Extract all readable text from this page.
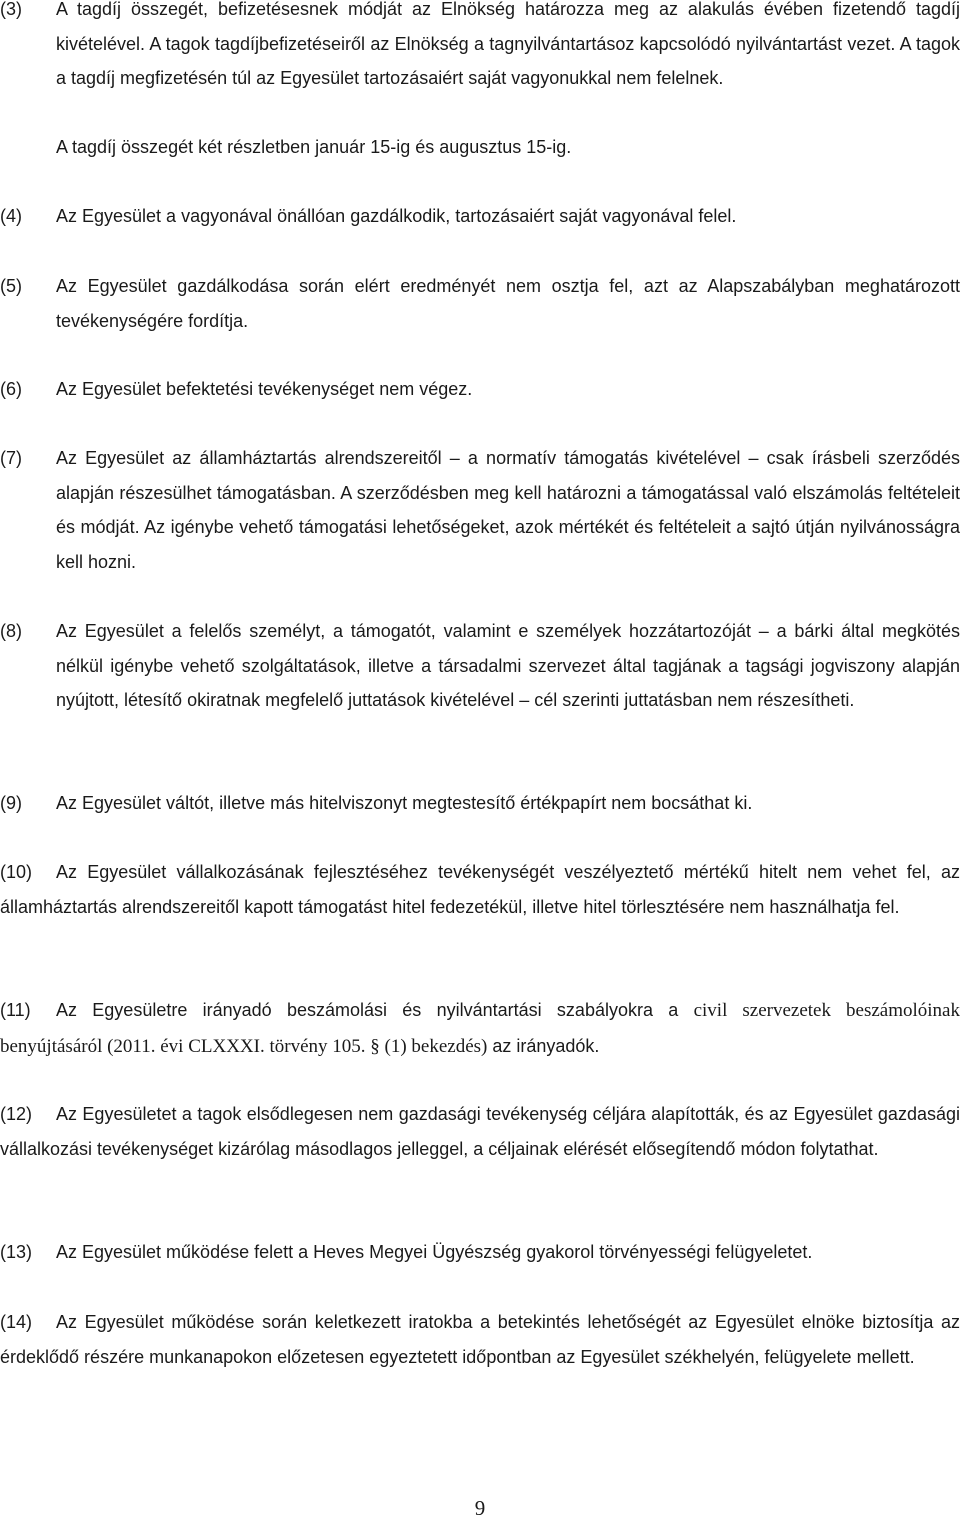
(3) A tagdíj összegét, befizetésesnek módját az Elnökség határozza meg az alakulás évében fizetendő tagdíj kivételével. A tagok tagdíjbefizetéseiről az Elnökség a tagnyilvántartásoz kapcsolódó nyilvántartást vezet. A tagok a tagdíj megfizetésén túl az Egyesület tartozásaiért saját vagyonukkal nem felelnek.

A tagdíj összegét két részletben január 15-ig és augusztus 15-ig.

(4) Az Egyesület a vagyonával önállóan gazdálkodik, tartozásaiért saját vagyonával felel.

(5) Az Egyesület gazdálkodása során elért eredményét nem osztja fel, azt az Alapszabályban meghatározott tevékenységére fordítja.

(6) Az Egyesület befektetési tevékenységet nem végez.

(7) Az Egyesület az államháztartás alrendszereitől – a normatív támogatás kivételével – csak írásbeli szerződés alapján részesülhet támogatásban. A szerződésben meg kell határozni a támogatással való elszámolás feltételeit és módját. Az igénybe vehető támogatási lehetőségeket, azok mértékét és feltételeit a sajtó útján nyilvánosságra kell hozni.

(8) Az Egyesület a felelős személyt, a támogatót, valamint e személyek hozzátartozóját – a bárki által megkötés nélkül igénybe vehető szolgáltatások, illetve a társadalmi szervezet által tagjának a tagsági jogviszony alapján nyújtott, létesítő okiratnak megfelelő juttatások kivételével – cél szerinti juttatásban nem részesítheti.

(9) Az Egyesület váltót, illetve más hitelviszonyt megtestesítő értékpapírt nem bocsáthat ki.

(10) Az Egyesület vállalkozásának fejlesztéséhez tevékenységét veszélyeztető mértékű hitelt nem vehet fel, az államháztartás alrendszereitől kapott támogatást hitel fedezetékül, illetve hitel törlesztésére nem használhatja fel.

(11) Az Egyesületre irányadó beszámolási és nyilvántartási szabályokra a civil szervezetek beszámolóinak benyújtásáról (2011. évi CLXXXI. törvény 105. § (1) bekezdés) az irányadók.

(12) Az Egyesületet a tagok elsődlegesen nem gazdasági tevékenység céljára alapították, és az Egyesület gazdasági vállalkozási tevékenységet kizárólag másodlagos jelleggel, a céljainak elérését elősegítendő módon folytathat.

(13) Az Egyesület működése felett a Heves Megyei Ügyészség gyakorol törvényességi felügyeletet.

(14) Az Egyesület működése során keletkezett iratokba a betekintés lehetőségét az Egyesület elnöke biztosítja az érdeklődő részére munkanapokon előzetesen egyeztetett időpontban az Egyesület székhelyén, felügyelete mellett.

9
